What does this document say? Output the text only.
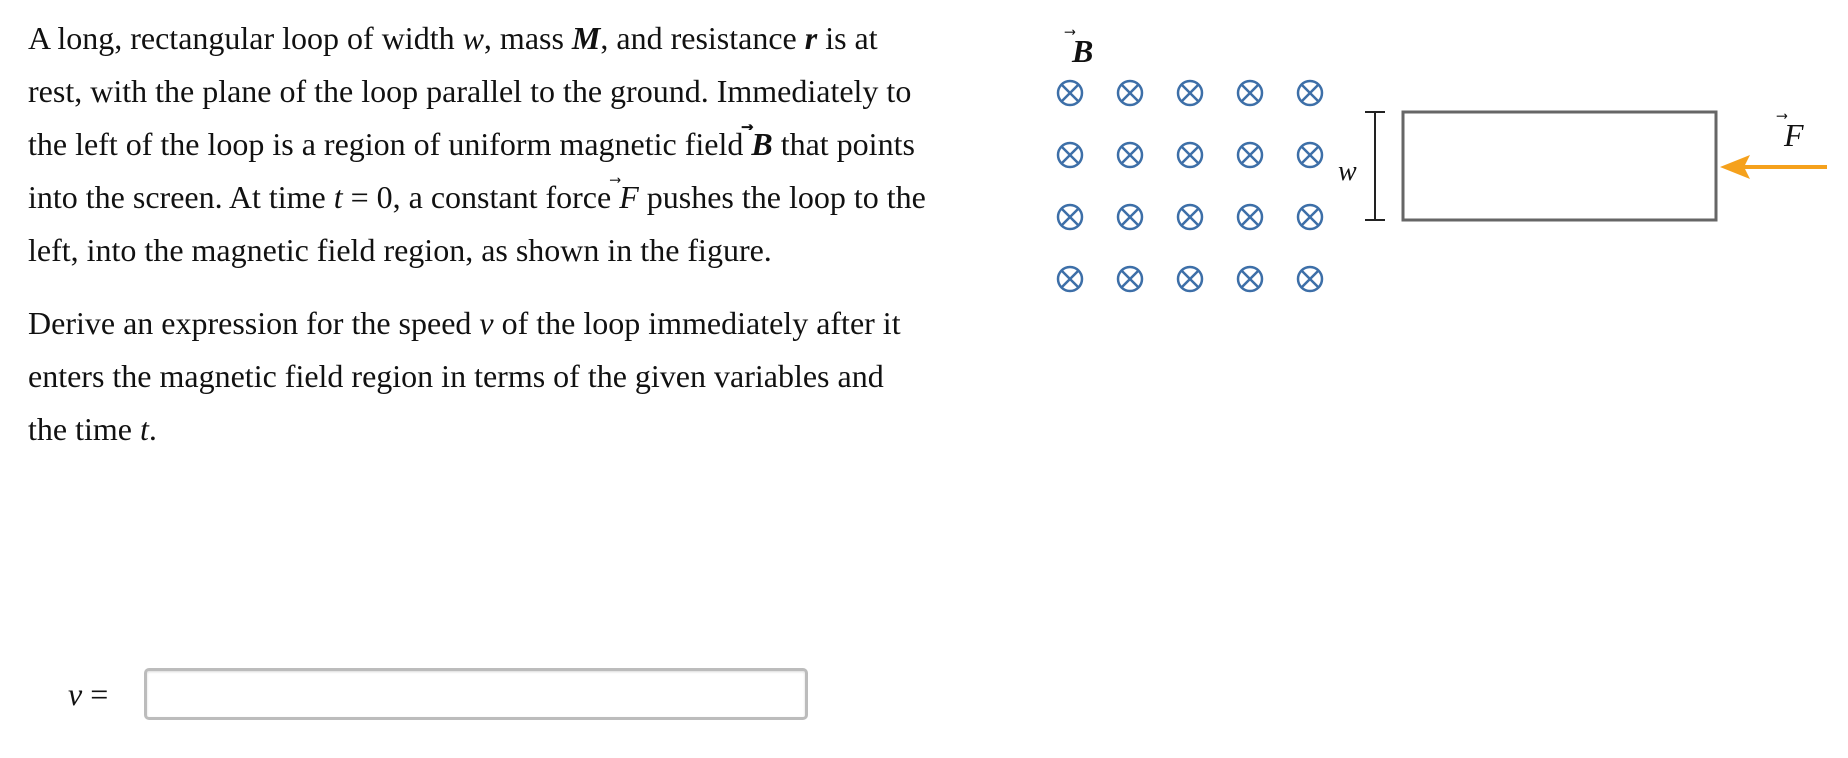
A long, rectangular loop of width w, mass M, and resistance r is at rest, with the plane of the loop parallel to the ground. Immediately to the left of the loop is a region of uniform magnetic field B
that points into the screen. At time t = 0, a constant force F
pushes the loop to the left, into the magnetic field region, as shown in the figure.

Derive an expression for the speed v of the loop immediately after it enters the magnetic field region in terms of the given variables and the time t.

v =
B
w
F
